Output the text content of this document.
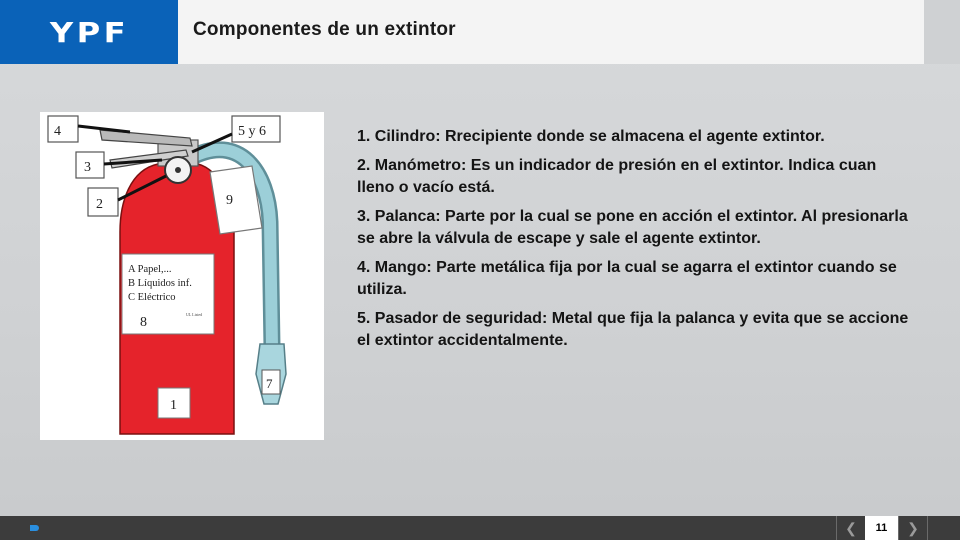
YPF	Componentes de un extintor
4	5 y 6
3
2	9
7
8
1
A Papel,...
B Líquidos inf.
C Eléctrico
UL Listed

1. Cilindro: Rrecipiente donde se almacena el agente extintor.

2. Manómetro: Es un indicador de presión en el extintor. Indica cuan lleno o vacío está.

3. Palanca: Parte por la cual se pone en acción el extintor. Al presionarla se abre la válvula de escape y sale el agente extintor.

4. Mango: Parte metálica fija por la cual se agarra el extintor cuando se utiliza.

5. Pasador de seguridad: Metal que fija la palanca y evita que se accione el extintor accidentalmente.

❮	11	❯
